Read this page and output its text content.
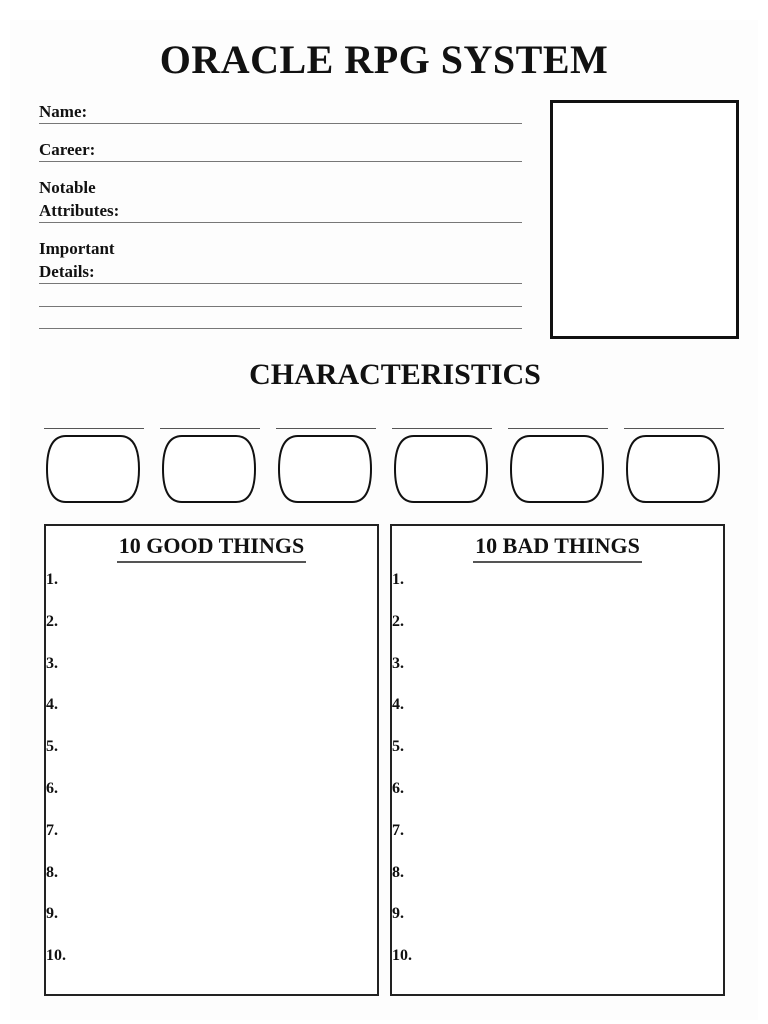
ORACLE RPG SYSTEM
Name:
Career:
Notable
Attributes:
Important
Details:
CHARACTERISTICS
10 GOOD THINGS
1.
2.
3.
4.
5.
6.
7.
8.
9.
10.
10 BAD THINGS
1.
2.
3.
4.
5.
6.
7.
8.
9.
10.
